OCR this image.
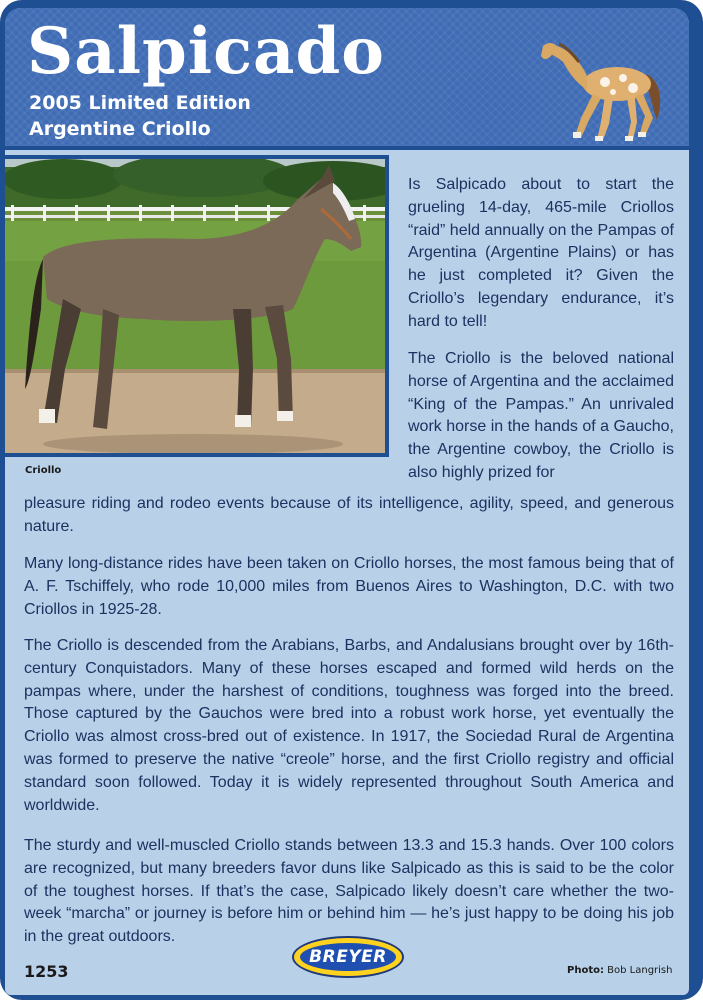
Salpicado
2005 Limited Edition
Argentine Criollo
Criollo

Is Salpicado about to start the grueling 14-day, 465-mile Criollos “raid” held annually on the Pampas of Argentina (Argentine Plains) or has he just completed it? Given the Criollo’s legendary endurance, it’s hard to tell!

The Criollo is the beloved national horse of Argentina and the acclaimed “King of the Pampas.” An unrivaled work horse in the hands of a Gaucho, the Argentine cowboy, the Criollo is also highly prized for

pleasure riding and rodeo events because of its intelligence, agility, speed, and generous nature.

Many long-distance rides have been taken on Criollo horses, the most famous being that of A. F. Tschiffely, who rode 10,000 miles from Buenos Aires to Washington, D.C. with two Criollos in 1925-28.

The Criollo is descended from the Arabians, Barbs, and Andalusians brought over by 16th-century Conquistadors. Many of these horses escaped and formed wild herds on the pampas where, under the harshest of conditions, toughness was forged into the breed. Those captured by the Gauchos were bred into a robust work horse, yet eventually the Criollo was almost cross-bred out of existence. In 1917, the Sociedad Rural de Argentina was formed to preserve the native “creole” horse, and the first Criollo registry and official standard soon followed. Today it is widely represented throughout South America and worldwide.

The sturdy and well-muscled Criollo stands between 13.3 and 15.3 hands. Over 100 colors are recognized, but many breeders favor duns like Salpicado as this is said to be the color of the toughest horses. If that’s the case, Salpicado likely doesn’t care whether the two-week “marcha” or journey is before him or behind him — he’s just happy to be doing his job in the great outdoors.

1253
BREYER
Photo: Bob Langrish
